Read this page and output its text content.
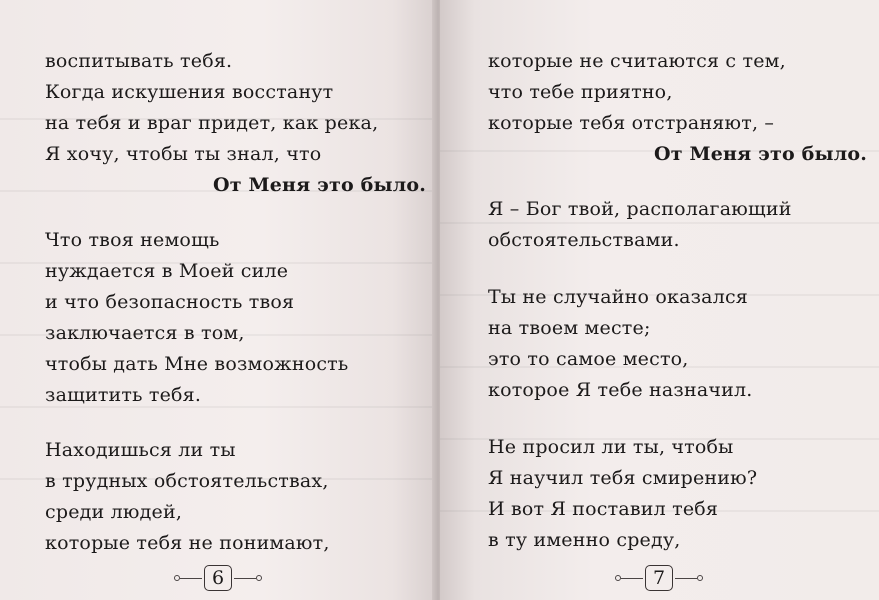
воспитывать тебя.
Когда искушения восстанут
на тебя и враг придет, как река,
Я хочу, чтобы ты знал, что
От Меня это было.
Что твоя немощь
нуждается в Моей силе
и что безопасность твоя
заключается в том,
чтобы дать Мне возможность
защитить тебя.
Находишься ли ты
в трудных обстоятельствах,
среди людей,
которые тебя не понимают,
6
которые не считаются с тем,
что тебе приятно,
которые тебя отстраняют, –
От Меня это было.
Я – Бог твой, располагающий
обстоятельствами.
Ты не случайно оказался
на твоем месте;
это то самое место,
которое Я тебе назначил.
Не просил ли ты, чтобы
Я научил тебя смирению?
И вот Я поставил тебя
в ту именно среду,
7
